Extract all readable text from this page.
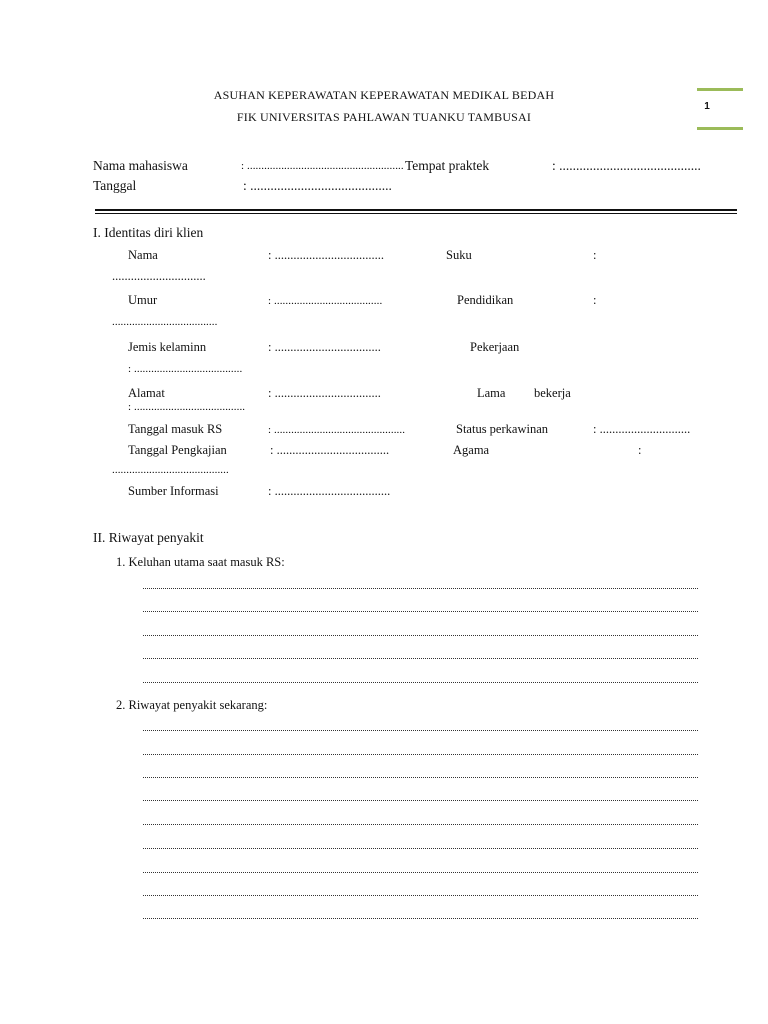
ASUHAN KEPERAWATAN KEPERAWATAN MEDIKAL BEDAH
FIK UNIVERSITAS PAHLAWAN TUANKU TAMBUSAI
1
Nama mahasiswa	: ....................................................... Tempat praktek	: ..........................................
Tanggal	: ..........................................
I. Identitas diri klien
Nama	: ...................................	Suku	:
..............................
Umur	: ......................................	Pendidikan	:
.....................................
Jemis kelaminn	: ..................................	Pekerjaan
: ......................................
Alamat	: ..................................	Lama bekerja
: .......................................
Tanggal masuk RS	: ..............................................	Status perkawinan	: .............................
Tanggal Pengkajian	: ....................................	Agama	:
.........................................
Sumber Informasi	: .....................................
II. Riwayat penyakit
1. Keluhan utama saat masuk RS:
2. Riwayat penyakit sekarang:
